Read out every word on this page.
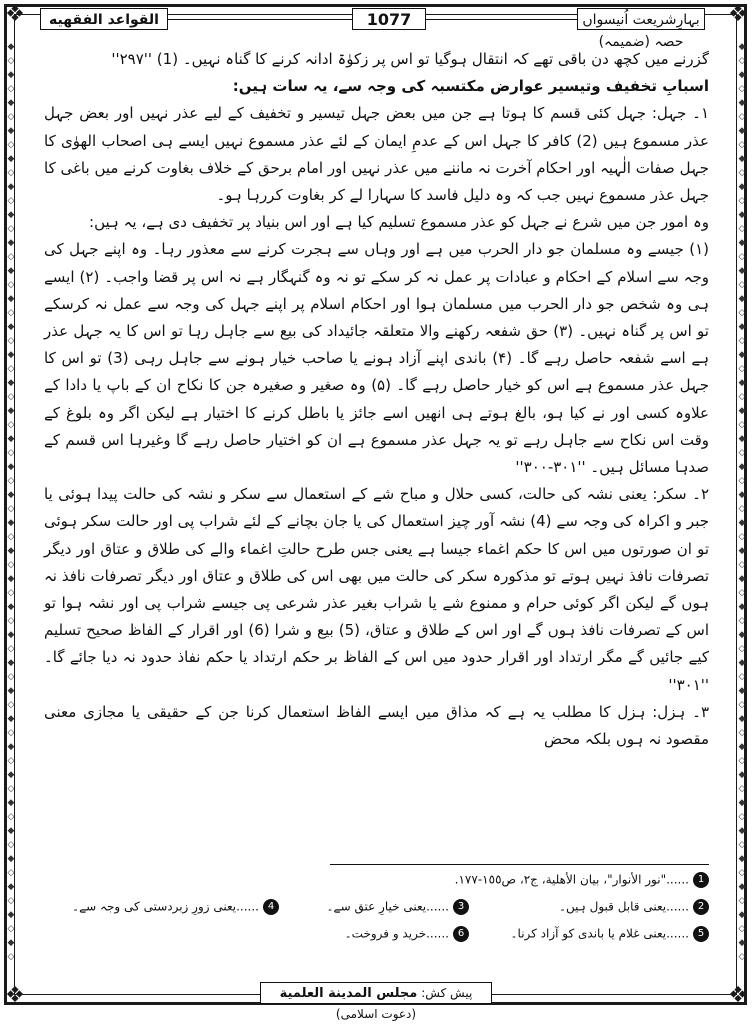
❖	❖
❖	❖
◆
◇
◆
◇
◆
◇
◆
◇
◆
◇
◆
◇
◆
◇
◆
◇
◆
◇
◆
◇
◆
◇
◆
◇
◆
◇
◆
◇
◆
◇
◆
◇
◆
◇
◆
◇
◆
◇
◆
◇
◆
◇
◆
◇
◆
◇
◆
◇
◆
◇
◆
◇
◆
◇
◆
◇
◆
◇
◆
◇
◆
◇
◆
◇
◆
◇
◆
◇
◆
◇
◆
◇
◆
◇
◆
◇
◆
◇
◆
◇
◆
◇
◆
◇
◆
◇
◆
◇
◆
◇
◆
◇
◆
◇
◆
◇
◆
◇
◆
◇
◆
◇
◆
◇
◆
◇
◆
◇
◆
◇
◆
◇
◆
◇
◆
◇
◆
◇
◆
◇
◆
◇
◆
◇
◆
◇
◆
◇
◆
◇
◆
◇
بہارِشریعت اُنیسواں حصہ (ضمیمہ)
1077
القواعد الفقهيه

گزرنے میں کچھ دن باقی تھے کہ انتقال ہوگیا تو اس پر زکوٰۃ ادانہ کرنے کا گناہ نہیں۔ (1) ''۲۹۷''

اسبابِ تخفیف وتیسیر عوارض مکتسبہ کی وجہ سے، یہ سات ہیں:

۱۔ جہل: جہل کئی قسم کا ہوتا ہے جن میں بعض جہل تیسیر و تخفیف کے لیے عذر نہیں اور بعض جہل عذر مسموع ہیں (2) کافر کا جہل اس کے عدمِ ایمان کے لئے عذر مسموع نہیں ایسے ہی اصحاب الھوٰی کا جہل صفات الٰہیہ اور احکام آخرت نہ ماننے میں عذر نہیں اور امام برحق کے خلاف بغاوت کرنے میں باغی کا جہل عذر مسموع نہیں جب کہ وہ دلیل فاسد کا سہارا لے کر بغاوت کررہا ہو۔

وہ امور جن میں شرع نے جہل کو عذر مسموع تسلیم کیا ہے اور اس بنیاد پر تخفیف دی ہے، یہ ہیں:

(۱) جیسے وہ مسلمان جو دار الحرب میں ہے اور وہاں سے ہجرت کرنے سے معذور رہا۔ وہ اپنے جہل کی وجہ سے اسلام کے احکام و عبادات پر عمل نہ کر سکے تو نہ وہ گنہگار ہے نہ اس پر قضا واجب۔ (۲) ایسے ہی وہ شخص جو دار الحرب میں مسلمان ہوا اور احکام اسلام پر اپنے جہل کی وجہ سے عمل نہ کرسکے تو اس پر گناہ نہیں۔ (۳) حق شفعہ رکھنے والا متعلقہ جائیداد کی بیع سے جاہل رہا تو اس کا یہ جہل عذر ہے اسے شفعہ حاصل رہے گا۔ (۴) باندی اپنے آزاد ہونے یا صاحب خیار ہونے سے جاہل رہی (3) تو اس کا جہل عذر مسموع ہے اس کو خیار حاصل رہے گا۔ (۵) وہ صغیر و صغیرہ جن کا نکاح ان کے باپ یا دادا کے علاوہ کسی اور نے کیا ہو، بالغ ہوتے ہی انھیں اسے جائز یا باطل کرنے کا اختیار ہے لیکن اگر وہ بلوغ کے وقت اس نکاح سے جاہل رہے تو یہ جہل عذر مسموع ہے ان کو اختیار حاصل رہے گا وغیرہا اس قسم کے صدہا مسائل ہیں۔ ''۳۰۱-۳۰۰''

۲۔ سکر: یعنی نشہ کی حالت، کسی حلال و مباح شے کے استعمال سے سکر و نشہ کی حالت پیدا ہوئی یا جبر و اکراہ کی وجہ سے (4) نشہ آور چیز استعمال کی یا جان بچانے کے لئے شراب پی اور حالت سکر ہوئی تو ان صورتوں میں اس کا حکم اغماء جیسا ہے یعنی جس طرح حالتِ اغماء والے کی طلاق و عتاق اور دیگر تصرفات نافذ نہیں ہوتے تو مذکورہ سکر کی حالت میں بھی اس کی طلاق و عتاق اور دیگر تصرفات نافذ نہ ہوں گے لیکن اگر کوئی حرام و ممنوع شے یا شراب بغیر عذر شرعی پی جیسے شراب پی اور نشہ ہوا تو اس کے تصرفات نافذ ہوں گے اور اس کے طلاق و عتاق، (5) بیع و شرا (6) اور اقرار کے الفاظ صحیح تسلیم کیے جائیں گے مگر ارتداد اور اقرار حدود میں اس کے الفاظ بر حکم ارتداد یا حکم نفاذ حدود نہ دیا جائے گا۔ ''۳۰۱''

۳۔ ہزل: ہزل کا مطلب یہ ہے کہ مذاق میں ایسے الفاظ استعمال کرنا جن کے حقیقی یا مجازی معنی مقصود نہ ہوں بلکہ محض

1......"نور الأنوار"، بيان الأهلية، ج٢، ص١٥٥-١٧٧.
2......یعنی قابل قبول ہیں۔
3......یعنی خیارِ عتق سے۔
4......یعنی زورِ زبردستی کی وجہ سے۔
5......یعنی غلام یا باندی کو آزاد کرنا۔
6......خرید و فروخت۔
پیش کش: مجلس المدينة العلمية (دعوت اسلامی)
